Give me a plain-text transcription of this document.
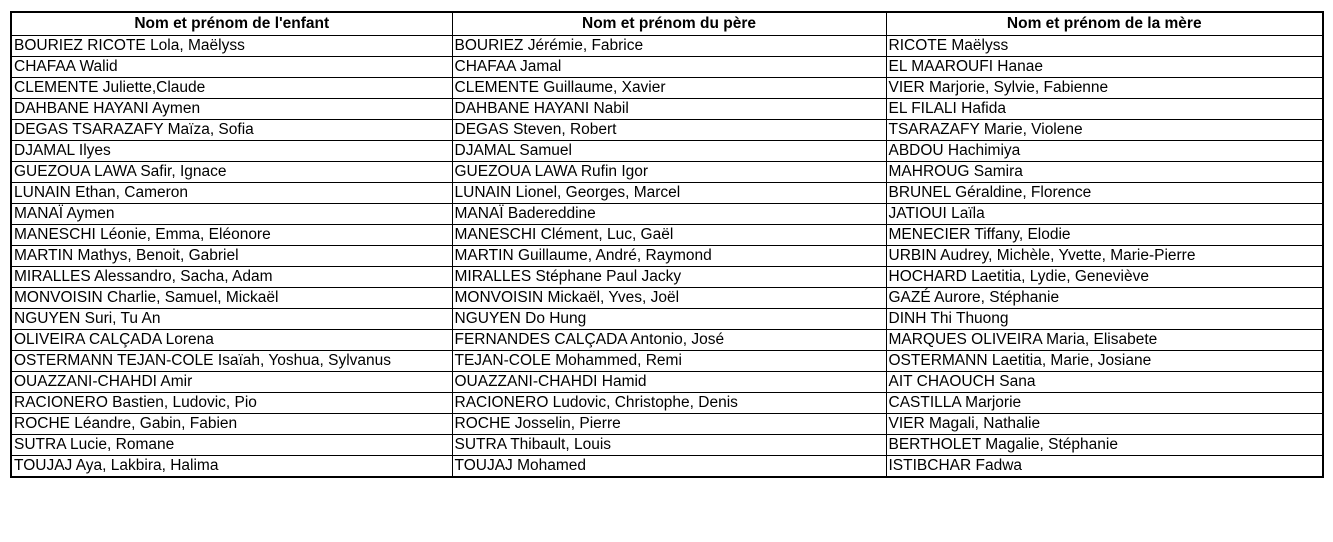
Nom et prénom de l'enfant	Nom et prénom du père	Nom et prénom de la mère
BOURIEZ RICOTE Lola, Maëlyss	BOURIEZ Jérémie, Fabrice	RICOTE Maëlyss
CHAFAA Walid	CHAFAA Jamal	EL MAAROUFI Hanae
CLEMENTE Juliette,Claude	CLEMENTE Guillaume, Xavier	VIER Marjorie, Sylvie, Fabienne
DAHBANE HAYANI Aymen	DAHBANE HAYANI Nabil	EL FILALI Hafida
DEGAS TSARAZAFY Maïza, Sofia	DEGAS Steven, Robert	TSARAZAFY Marie, Violene
DJAMAL Ilyes	DJAMAL Samuel	ABDOU Hachimiya
GUEZOUA LAWA Safir, Ignace	GUEZOUA LAWA Rufin Igor	MAHROUG Samira
LUNAIN Ethan, Cameron	LUNAIN Lionel, Georges, Marcel	BRUNEL Géraldine, Florence
MANAÏ Aymen	MANAÏ Badereddine	JATIOUI Laïla
MANESCHI Léonie, Emma, Eléonore	MANESCHI Clément, Luc, Gaël	MENECIER Tiffany, Elodie
MARTIN Mathys, Benoit, Gabriel	MARTIN Guillaume, André, Raymond	URBIN Audrey, Michèle, Yvette, Marie-Pierre
MIRALLES Alessandro, Sacha, Adam	MIRALLES Stéphane Paul Jacky	HOCHARD Laetitia, Lydie, Geneviève
MONVOISIN Charlie, Samuel, Mickaël	MONVOISIN Mickaël, Yves, Joël	GAZÉ Aurore, Stéphanie
NGUYEN Suri, Tu An	NGUYEN Do Hung	DINH Thi Thuong
OLIVEIRA CALÇADA Lorena	FERNANDES CALÇADA Antonio, José	MARQUES OLIVEIRA Maria, Elisabete
OSTERMANN TEJAN-COLE Isaïah, Yoshua, Sylvanus	TEJAN-COLE Mohammed, Remi	OSTERMANN Laetitia, Marie, Josiane
OUAZZANI-CHAHDI Amir	OUAZZANI-CHAHDI Hamid	AIT CHAOUCH Sana
RACIONERO Bastien, Ludovic, Pio	RACIONERO Ludovic, Christophe, Denis	CASTILLA Marjorie
ROCHE Léandre, Gabin, Fabien	ROCHE Josselin, Pierre	VIER Magali, Nathalie
SUTRA Lucie, Romane	SUTRA Thibault, Louis	BERTHOLET Magalie, Stéphanie
TOUJAJ Aya, Lakbira, Halima	TOUJAJ Mohamed	ISTIBCHAR Fadwa
